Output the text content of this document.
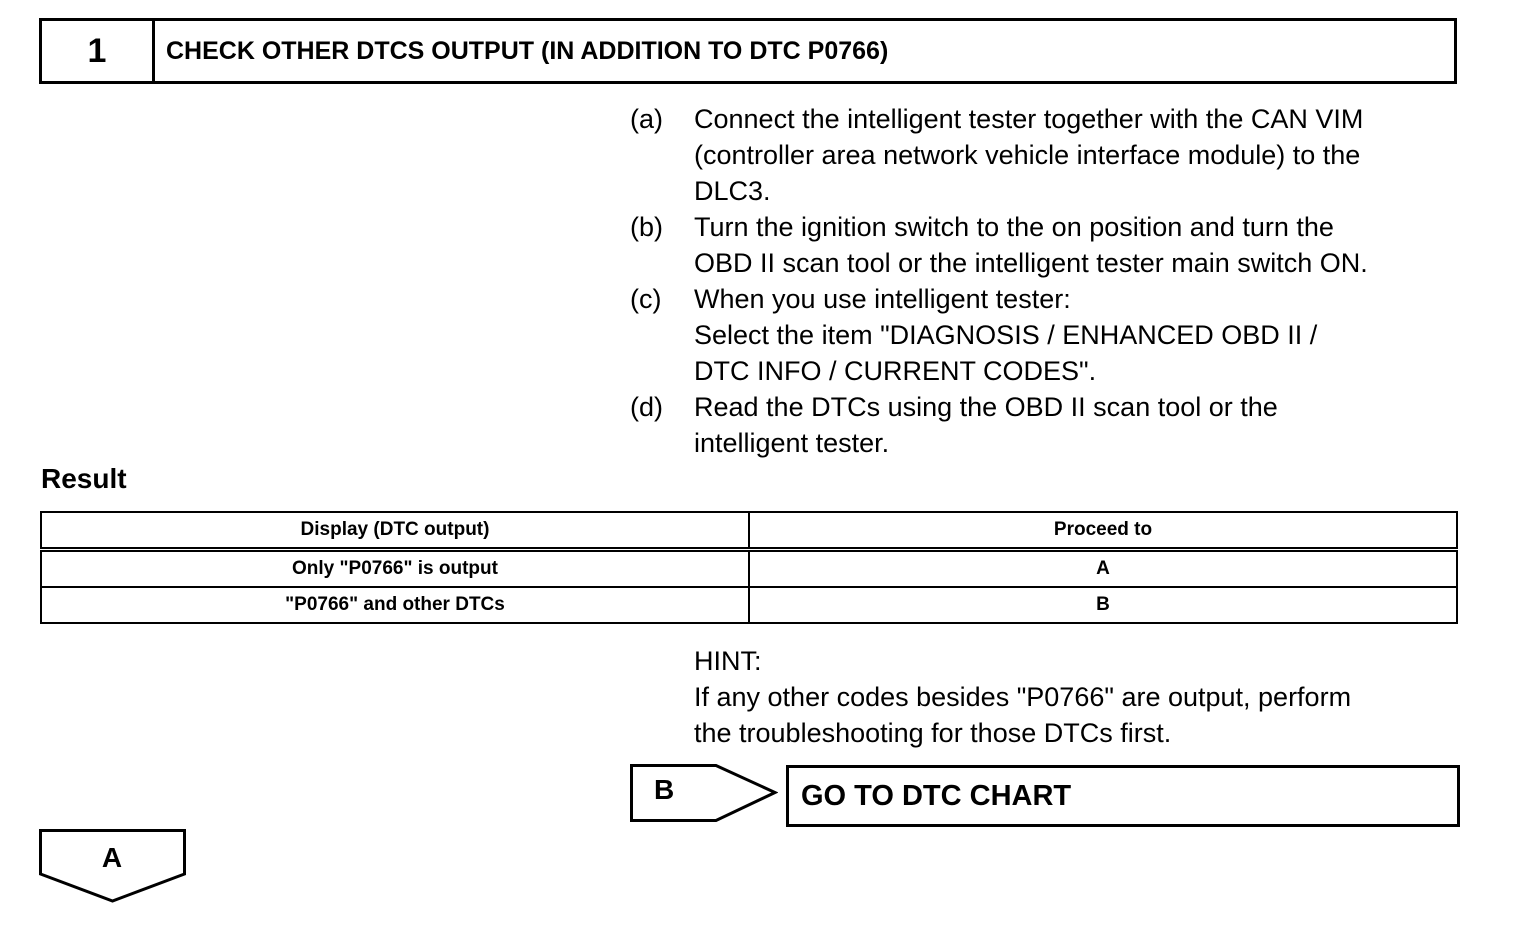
1	CHECK OTHER DTCS OUTPUT (IN ADDITION TO DTC P0766)
(a)	Connect the intelligent tester together with the CAN VIM
(controller area network vehicle interface module) to the
DLC3.
(b)	Turn the ignition switch to the on position and turn the
OBD II scan tool or the intelligent tester main switch ON.
(c)	When you use intelligent tester:
Select the item "DIAGNOSIS / ENHANCED OBD II /
DTC INFO / CURRENT CODES".
(d)	Read the DTCs using the OBD II scan tool or the
intelligent tester.
Result
Display (DTC output)	Proceed to
Only "P0766" is output	A
"P0766" and other DTCs	B
HINT:
If any other codes besides "P0766" are output, perform
the troubleshooting for those DTCs first.
B	GO TO DTC CHART
A
